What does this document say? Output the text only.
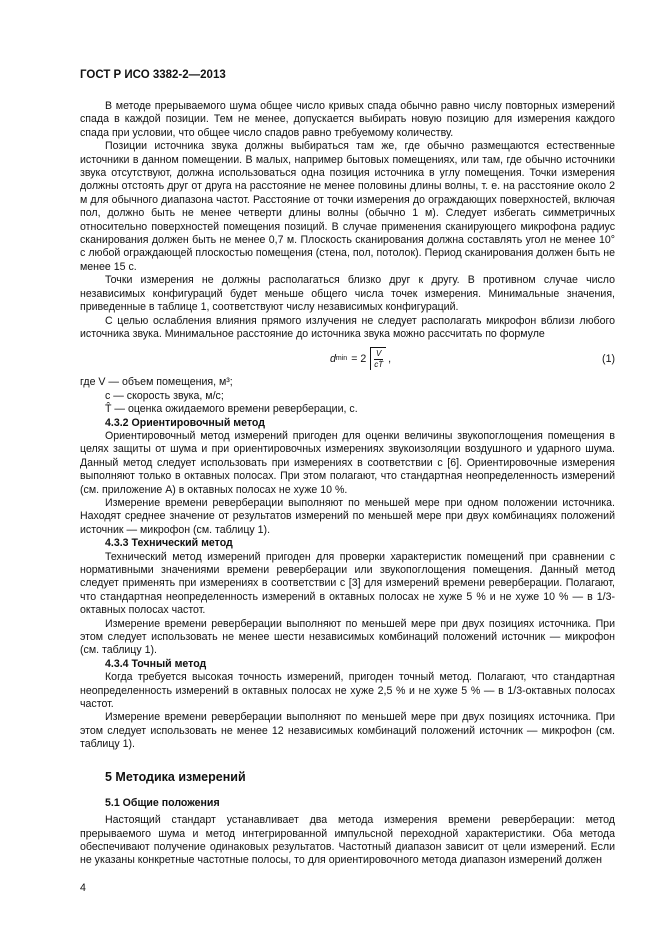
ГОСТ Р ИСО 3382-2—2013

В методе прерываемого шума общее число кривых спада обычно равно числу повторных измерений спада в каждой позиции. Тем не менее, допускается выбирать новую позицию для измерения каждого спада при условии, что общее число спадов равно требуемому количеству.

Позиции источника звука должны выбираться там же, где обычно размещаются естественные источники в данном помещении. В малых, например бытовых помещениях, или там, где обычно источники звука отсутствуют, должна использоваться одна позиция источника в углу помещения. Точки измерения должны отстоять друг от друга на расстояние не менее половины длины волны, т. е. на расстояние около 2 м для обычного диапазона частот. Расстояние от точки измерения до ограждающих поверхностей, включая пол, должно быть не менее четверти длины волны (обычно 1 м). Следует избегать симметричных относительно поверхностей помещения позиций. В случае применения сканирующего микрофона радиус сканирования должен быть не менее 0,7 м. Плоскость сканирования должна составлять угол не менее 10° с любой ограждающей плоскостью помещения (стена, пол, потолок). Период сканирования должен быть не менее 15 с.

Точки измерения не должны располагаться близко друг к другу. В противном случае число независимых конфигураций будет меньше общего числа точек измерения. Минимальные значения, приведенные в таблице 1, соответствуют числу независимых конфигураций.

С целью ослабления влияния прямого излучения не следует располагать микрофон вблизи любого источника звука. Минимальное расстояние до источника звука можно рассчитать по формуле

d $\min = 2 \frac{V}{cT̂}$ ,	(1)
где V — объем помещения, м³;
c — скорость звука, м/с;
T̂ — оценка ожидаемого времени реверберации, с.
4.3.2 Ориентировочный метод

Ориентировочный метод измерений пригоден для оценки величины звукопоглощения помещения в целях защиты от шума и при ориентировочных измерениях звукоизоляции воздушного и ударного шума. Данный метод следует использовать при измерениях в соответствии с [6]. Ориентировочные измерения выполняют только в октавных полосах. При этом полагают, что стандартная неопределенность измерений (см. приложение А) в октавных полосах не хуже 10 %.

Измерение времени реверберации выполняют по меньшей мере при одном положении источника. Находят среднее значение от результатов измерений по меньшей мере при двух комбинациях положений источник — микрофон (см. таблицу 1).

4.3.3 Технический метод

Технический метод измерений пригоден для проверки характеристик помещений при сравнении с нормативными значениями времени реверберации или звукопоглощения помещения. Данный метод следует применять при измерениях в соответствии с [3] для измерений времени реверберации. Полагают, что стандартная неопределенность измерений в октавных полосах не хуже 5 % и не хуже 10 % — в 1/3-октавных полосах частот.

Измерение времени реверберации выполняют по меньшей мере при двух позициях источника. При этом следует использовать не менее шести независимых комбинаций положений источник — микрофон (см. таблицу 1).

4.3.4 Точный метод

Когда требуется высокая точность измерений, пригоден точный метод. Полагают, что стандартная неопределенность измерений в октавных полосах не хуже 2,5 % и не хуже 5 % — в 1/3-октавных полосах частот.

Измерение времени реверберации выполняют по меньшей мере при двух позициях источника. При этом следует использовать не менее 12 независимых комбинаций положений источник — микрофон (см. таблицу 1).

5 Методика измерений
5.1 Общие положения

Настоящий стандарт устанавливает два метода измерения времени реверберации: метод прерываемого шума и метод интегрированной импульсной переходной характеристики. Оба метода обеспечивают получение одинаковых результатов. Частотный диапазон зависит от цели измерений. Если не указаны конкретные частотные полосы, то для ориентировочного метода диапазон измерений должен

4
